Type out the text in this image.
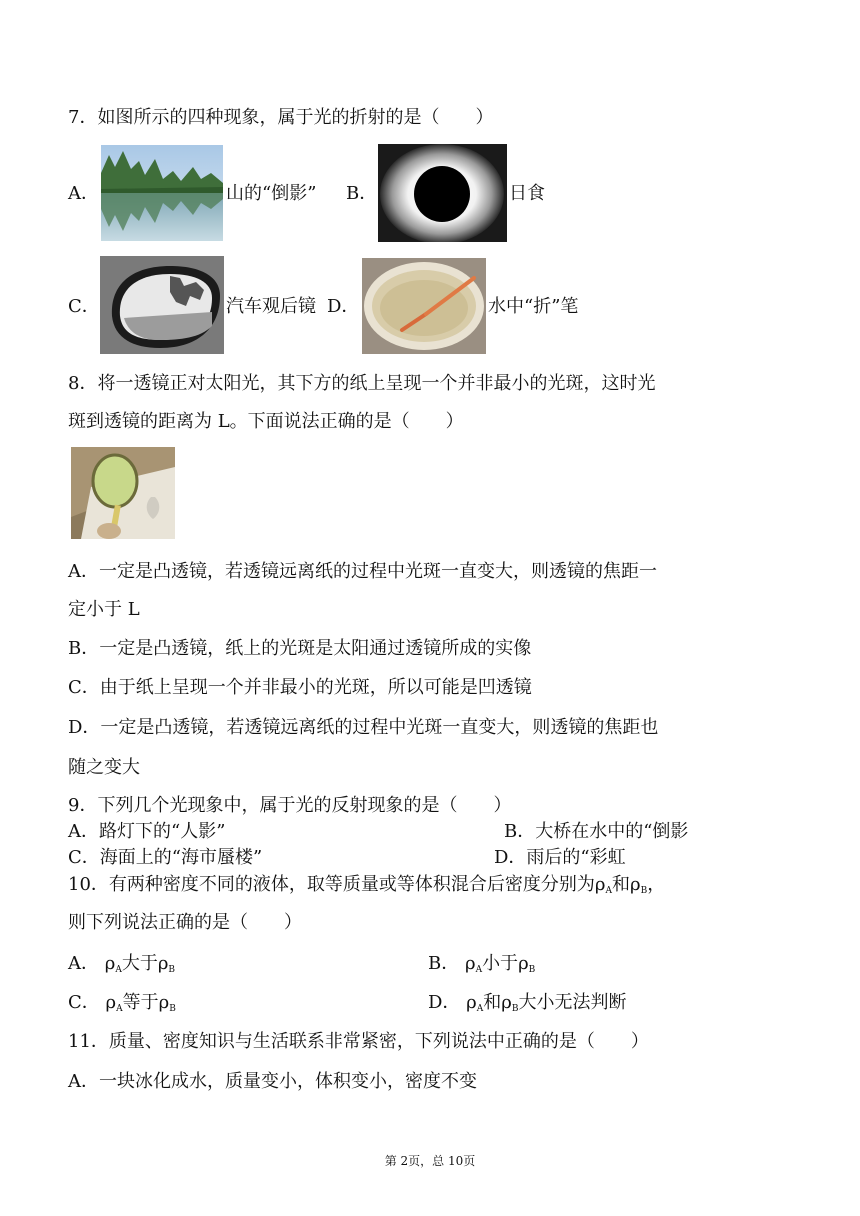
7．如图所示的四种现象，属于光的折射的是（　　）
A．	山的“倒影” B．	日食
C．	汽车观后镜 D．	水中“折”笔
8．将一透镜正对太阳光，其下方的纸上呈现一个并非最小的光斑，这时光
斑到透镜的距离为 L。下面说法正确的是（　　）
A．一定是凸透镜，若透镜远离纸的过程中光斑一直变大，则透镜的焦距一
定小于 L
B．一定是凸透镜，纸上的光斑是太阳通过透镜所成的实像
C．由于纸上呈现一个并非最小的光斑，所以可能是凹透镜
D．一定是凸透镜，若透镜远离纸的过程中光斑一直变大，则透镜的焦距也
随之变大
9．下列几个光现象中，属于光的反射现象的是（　　）
A．路灯下的“人影”	B．大桥在水中的“倒影
C．海面上的“海市蜃楼”	D．雨后的“彩虹
10．有两种密度不同的液体，取等质量或等体积混合后密度分别为$\rho_A$和$\rho_B$，
则下列说法正确的是（　　）
A． $\rho_A$大于$\rho_B$	B． $\rho_A$小于$\rho_B$
C． $\rho_A$等于$\rho_B$	D． $\rho_A$和$\rho_B$大小无法判断
11．质量、密度知识与生活联系非常紧密，下列说法中正确的是（　　）
A．一块冰化成水，质量变小，体积变小，密度不变
第 2页，总 10页
